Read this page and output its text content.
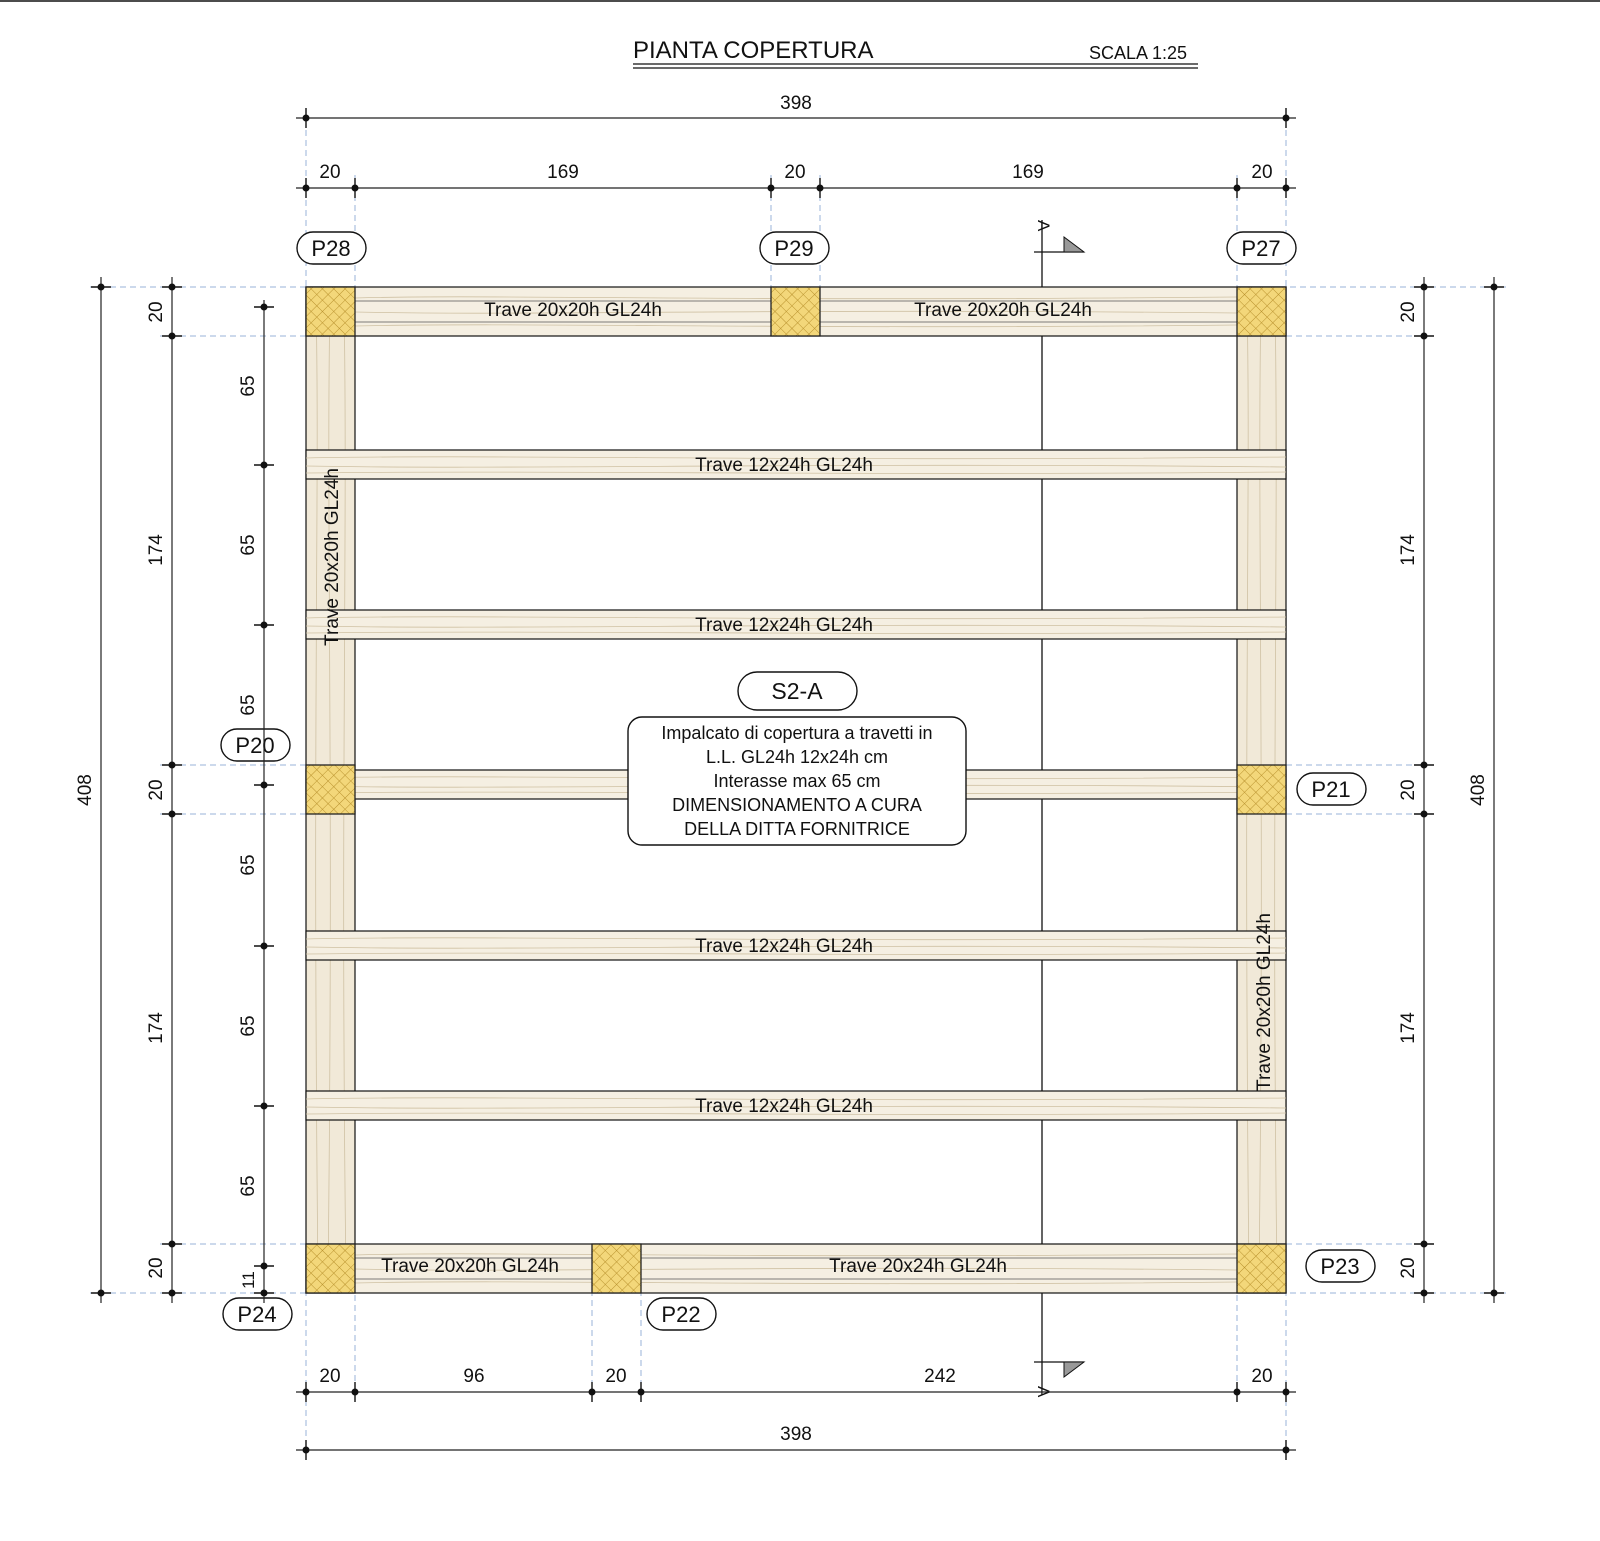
PIANTA COPERTURA	SCALA 1:25
A
A
Trave 20x20h GL24h	Trave 20x20h GL24h
Trave 12x24h GL24h
Trave 12x24h GL24h
Trave 12x24h GL24h
Trave 12x24h GL24h
Trave 20x20h GL24h
Trave 20x20h GL24h
Trave 20x20h GL24h	Trave 20x24h GL24h
P28	P29	P27
P20
P21
P24	P22
P23
S2-A
Impalcato di copertura a travetti in
L.L. GL24h 12x24h cm
Interasse max 65 cm
DIMENSIONAMENTO A CURA
DELLA DITTA FORNITRICE
398
20	169	20	169	20
20	96	20	242	20
398
408
20
174
20
174
20
65
65
65
65
65
65
11
20
174
20
174
20
408
